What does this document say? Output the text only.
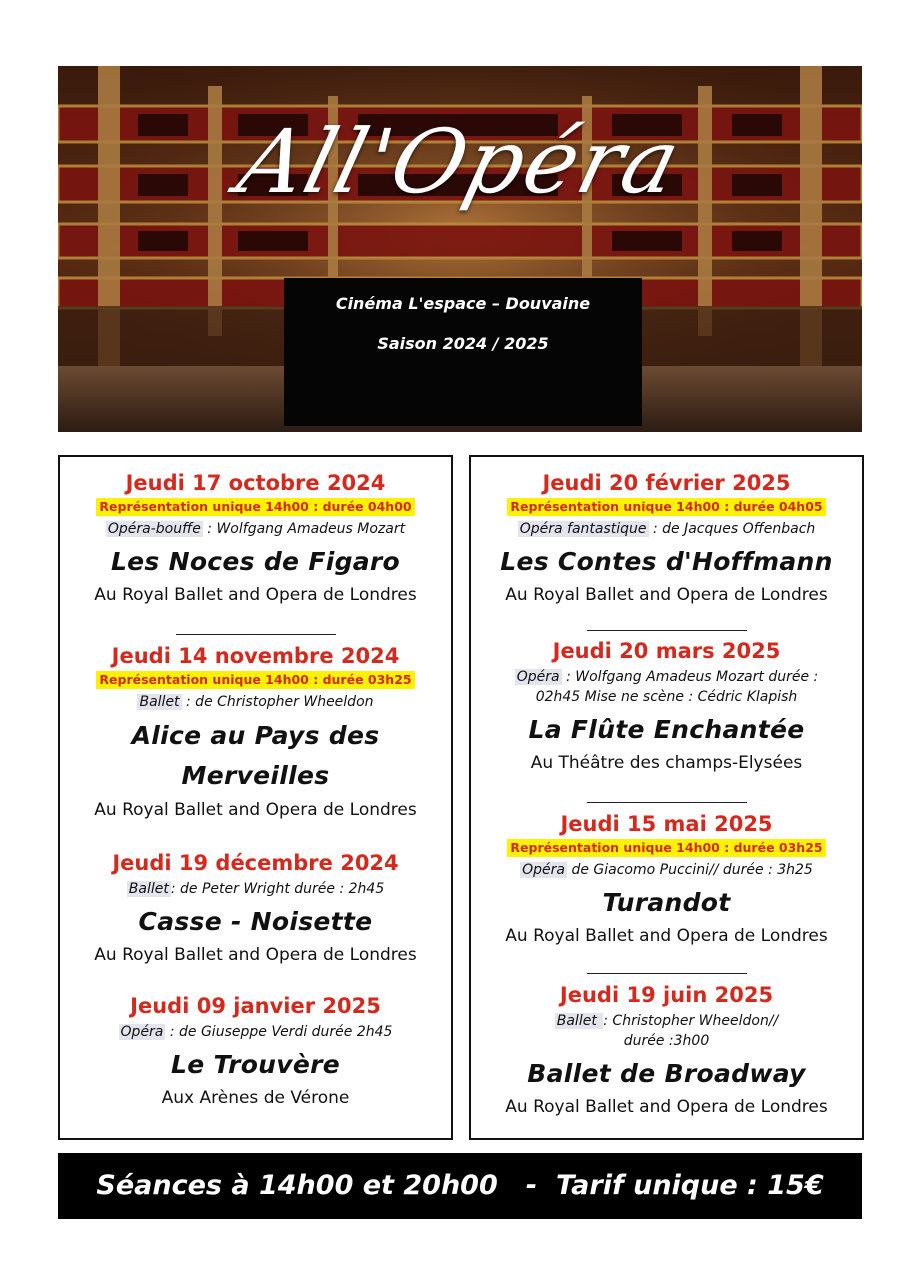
All'Opéra
Cinéma L'espace – Douvaine
Saison 2024 / 2025
Jeudi 17 octobre 2024
Représentation unique 14h00 : durée 04h00
Opéra-bouffe : Wolfgang Amadeus Mozart
Les Noces de Figaro
Au Royal Ballet and Opera de Londres
Jeudi 14 novembre 2024
Représentation unique 14h00 : durée 03h25
Ballet : de Christopher Wheeldon
Alice au Pays des
Merveilles
Au Royal Ballet and Opera de Londres
Jeudi 19 décembre 2024
Ballet : de Peter Wright durée : 2h45
Casse - Noisette
Au Royal Ballet and Opera de Londres
Jeudi 09 janvier 2025
Opéra : de Giuseppe Verdi durée 2h45
Le Trouvère
Aux Arènes de Vérone
Jeudi 20 février 2025
Représentation unique 14h00 : durée 04h05
Opéra fantastique : de Jacques Offenbach
Les Contes d'Hoffmann
Au Royal Ballet and Opera de Londres
Jeudi 20 mars 2025
Opéra : Wolfgang Amadeus Mozart durée :
02h45 Mise ne scène : Cédric Klapish
La Flûte Enchantée
Au Théâtre des champs-Elysées
Jeudi 15 mai 2025
Représentation unique 14h00 : durée 03h25
Opéra de Giacomo Puccini// durée : 3h25
Turandot
Au Royal Ballet and Opera de Londres
Jeudi 19 juin 2025
Ballet : Christopher Wheeldon//
durée :3h00
Ballet de Broadway
Au Royal Ballet and Opera de Londres
Séances à 14h00 et 20h00   -  Tarif unique : 15€
